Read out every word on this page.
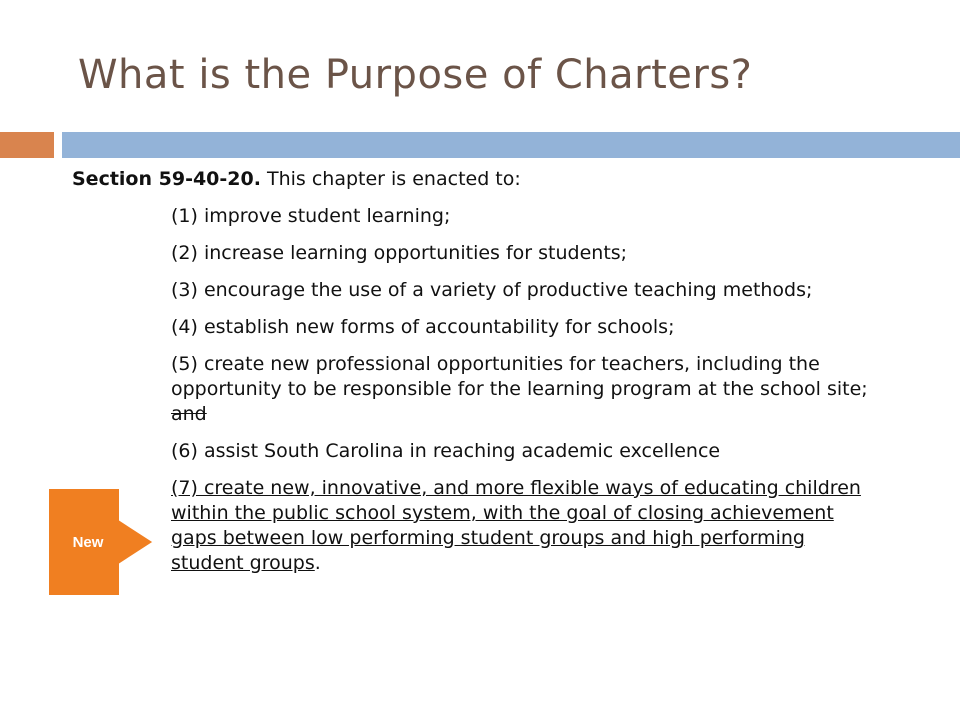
What is the Purpose of Charters?
Section 59-40-20. This chapter is enacted to:
(1) improve student learning;
(2) increase learning opportunities for students;
(3) encourage the use of a variety of productive teaching methods;
(4) establish new forms of accountability for schools;
(5) create new professional opportunities for teachers, including the opportunity to be responsible for the learning program at the school site; and
(6) assist South Carolina in reaching academic excellence
(7) create new, innovative, and more flexible ways of educating children within the public school system, with the goal of closing achievement gaps between low performing student groups and high performing student groups.
New
